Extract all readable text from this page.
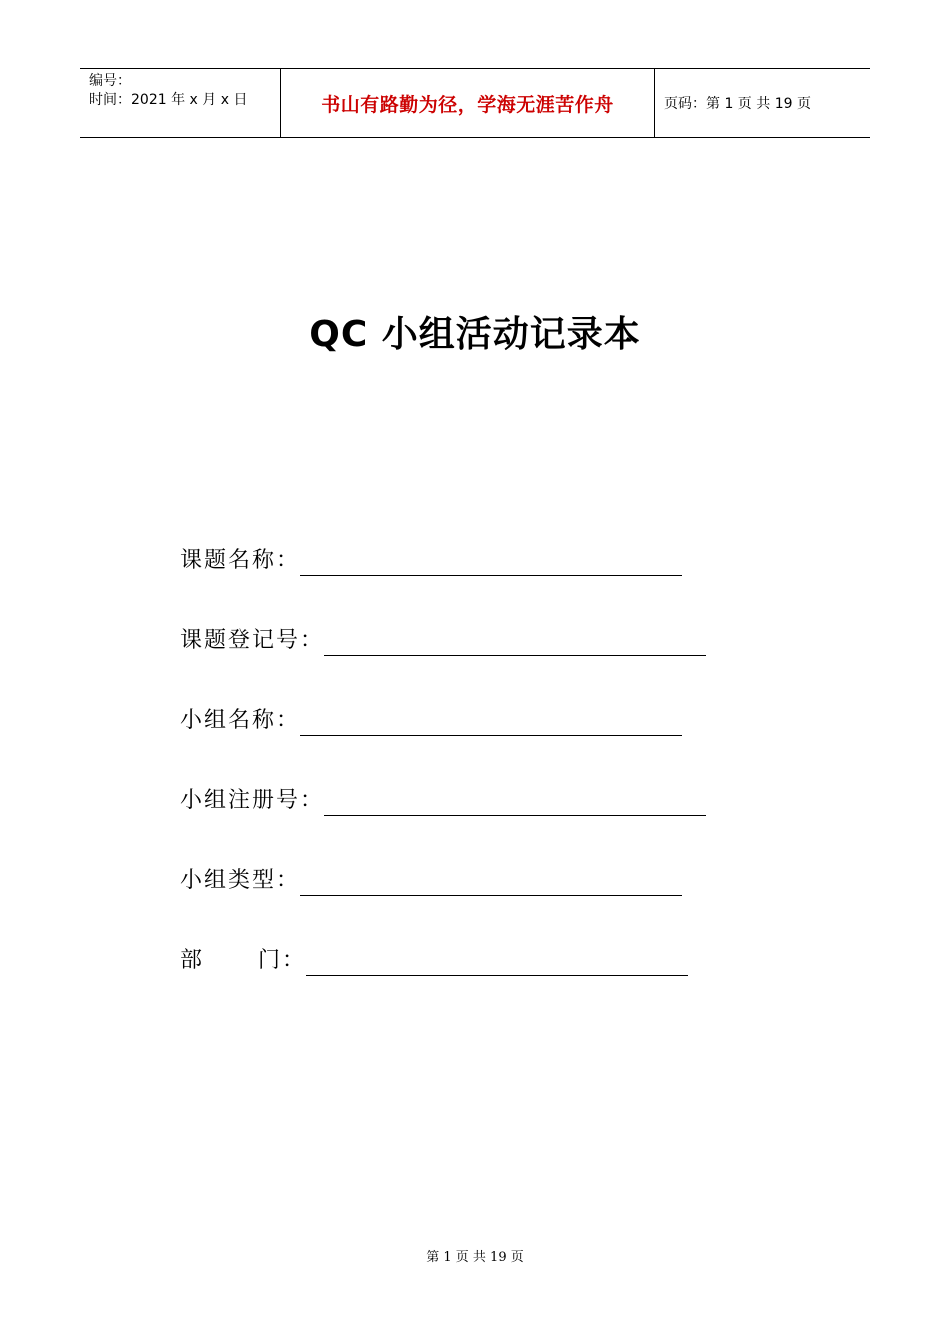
编号：
时间：2021 年 x 月 x 日	书山有路勤为径，学海无涯苦作舟	页码：第 1 页 共 19 页
QC 小组活动记录本
课题名称：
课题登记号：
小组名称：
小组注册号：
小组类型：
部      门：
第 1 页 共 19 页
